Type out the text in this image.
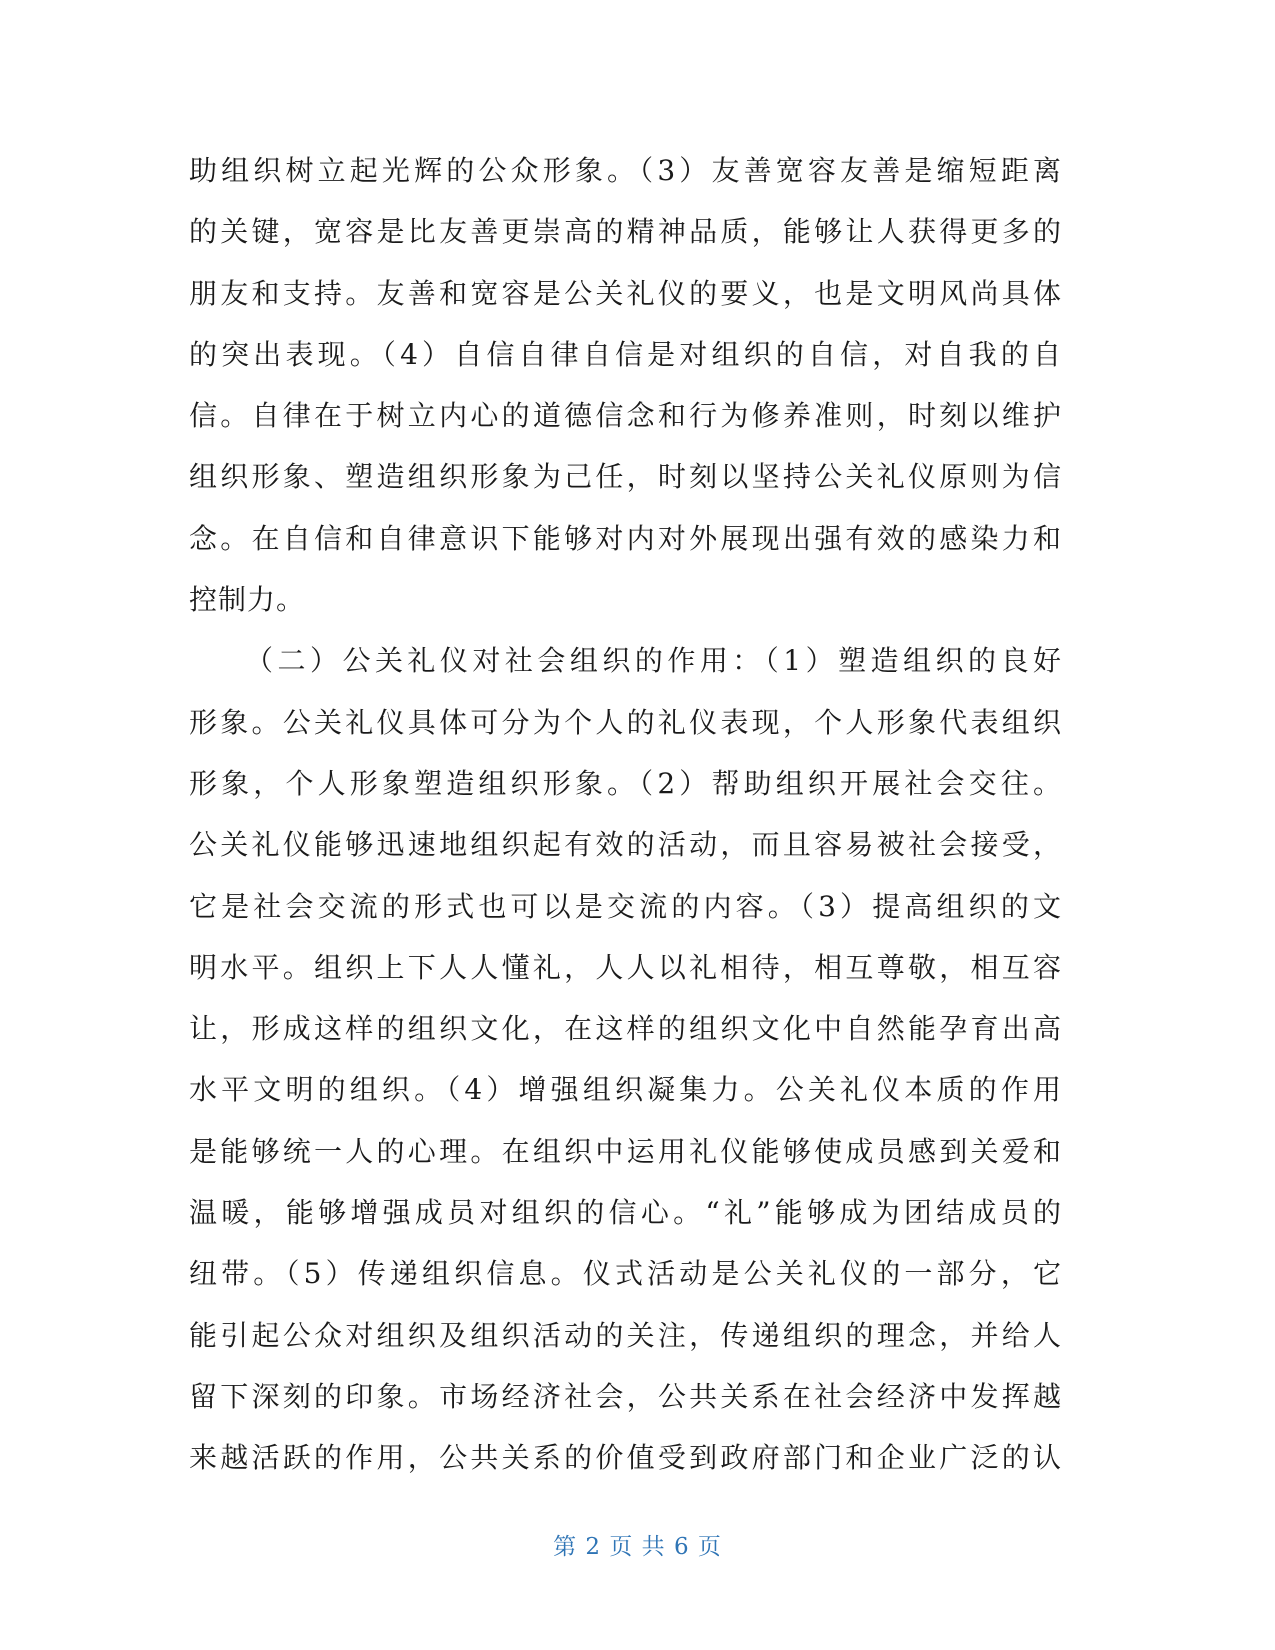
助组织树立起光辉的公众形象。（3）友善宽容友善是缩短距离
的关键，宽容是比友善更崇高的精神品质，能够让人获得更多的
朋友和支持。友善和宽容是公关礼仪的要义，也是文明风尚具体
的突出表现。（4）自信自律自信是对组织的自信，对自我的自
信。自律在于树立内心的道德信念和行为修养准则，时刻以维护
组织形象、塑造组织形象为己任，时刻以坚持公关礼仪原则为信
念。在自信和自律意识下能够对内对外展现出强有效的感染力和
控制力。
（二）公关礼仪对社会组织的作用：（1）塑造组织的良好
形象。公关礼仪具体可分为个人的礼仪表现，个人形象代表组织
形象，个人形象塑造组织形象。（2）帮助组织开展社会交往。
公关礼仪能够迅速地组织起有效的活动，而且容易被社会接受，
它是社会交流的形式也可以是交流的内容。（3）提高组织的文
明水平。组织上下人人懂礼，人人以礼相待，相互尊敬，相互容
让，形成这样的组织文化，在这样的组织文化中自然能孕育出高
水平文明的组织。（4）增强组织凝集力。公关礼仪本质的作用
是能够统一人的心理。在组织中运用礼仪能够使成员感到关爱和
温暖，能够增强成员对组织的信心。“礼”能够成为团结成员的
纽带。（5）传递组织信息。仪式活动是公关礼仪的一部分，它
能引起公众对组织及组织活动的关注，传递组织的理念，并给人
留下深刻的印象。市场经济社会，公共关系在社会经济中发挥越
来越活跃的作用，公共关系的价值受到政府部门和企业广泛的认
第 2 页 共 6 页
